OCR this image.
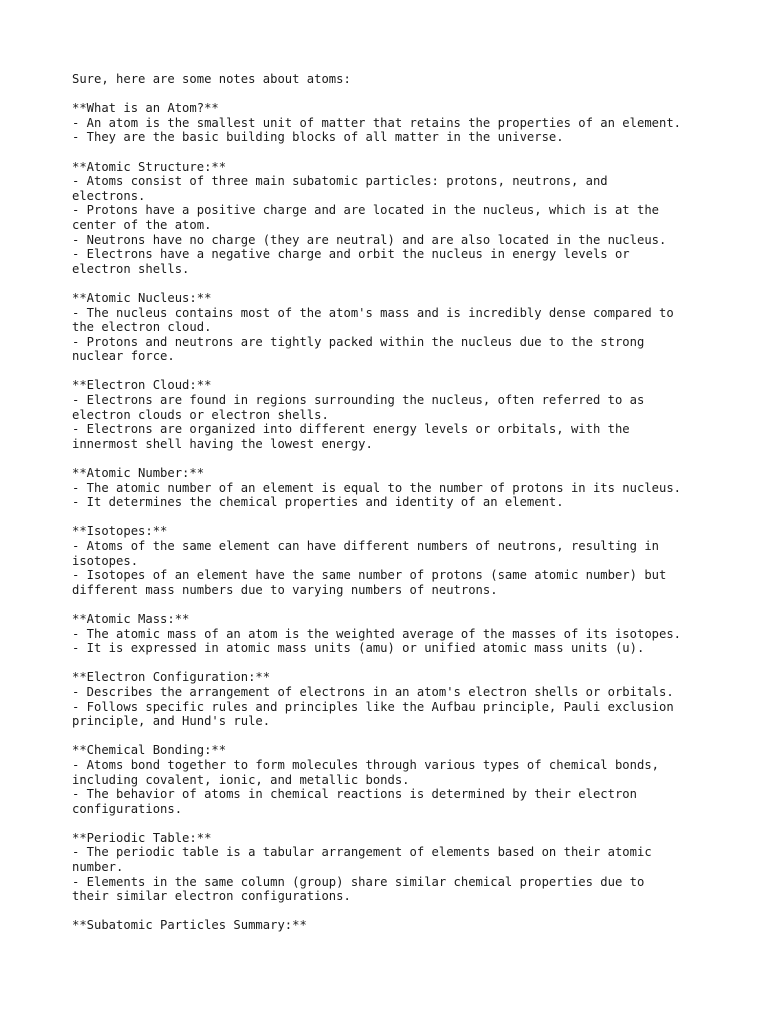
Sure, here are some notes about atoms:

**What is an Atom?**

- An atom is the smallest unit of matter that retains the properties of an element.

- They are the basic building blocks of all matter in the universe.

**Atomic Structure:**

- Atoms consist of three main subatomic particles: protons, neutrons, and
electrons.

- Protons have a positive charge and are located in the nucleus, which is at the
center of the atom.

- Neutrons have no charge (they are neutral) and are also located in the nucleus.

- Electrons have a negative charge and orbit the nucleus in energy levels or
electron shells.

**Atomic Nucleus:**

- The nucleus contains most of the atom's mass and is incredibly dense compared to
the electron cloud.

- Protons and neutrons are tightly packed within the nucleus due to the strong
nuclear force.

**Electron Cloud:**

- Electrons are found in regions surrounding the nucleus, often referred to as
electron clouds or electron shells.

- Electrons are organized into different energy levels or orbitals, with the
innermost shell having the lowest energy.

**Atomic Number:**

- The atomic number of an element is equal to the number of protons in its nucleus.

- It determines the chemical properties and identity of an element.

**Isotopes:**

- Atoms of the same element can have different numbers of neutrons, resulting in
isotopes.

- Isotopes of an element have the same number of protons (same atomic number) but
different mass numbers due to varying numbers of neutrons.

**Atomic Mass:**

- The atomic mass of an atom is the weighted average of the masses of its isotopes.

- It is expressed in atomic mass units (amu) or unified atomic mass units (u).

**Electron Configuration:**

- Describes the arrangement of electrons in an atom's electron shells or orbitals.

- Follows specific rules and principles like the Aufbau principle, Pauli exclusion
principle, and Hund's rule.

**Chemical Bonding:**

- Atoms bond together to form molecules through various types of chemical bonds,
including covalent, ionic, and metallic bonds.

- The behavior of atoms in chemical reactions is determined by their electron
configurations.

**Periodic Table:**

- The periodic table is a tabular arrangement of elements based on their atomic
number.

- Elements in the same column (group) share similar chemical properties due to
their similar electron configurations.

**Subatomic Particles Summary:**
